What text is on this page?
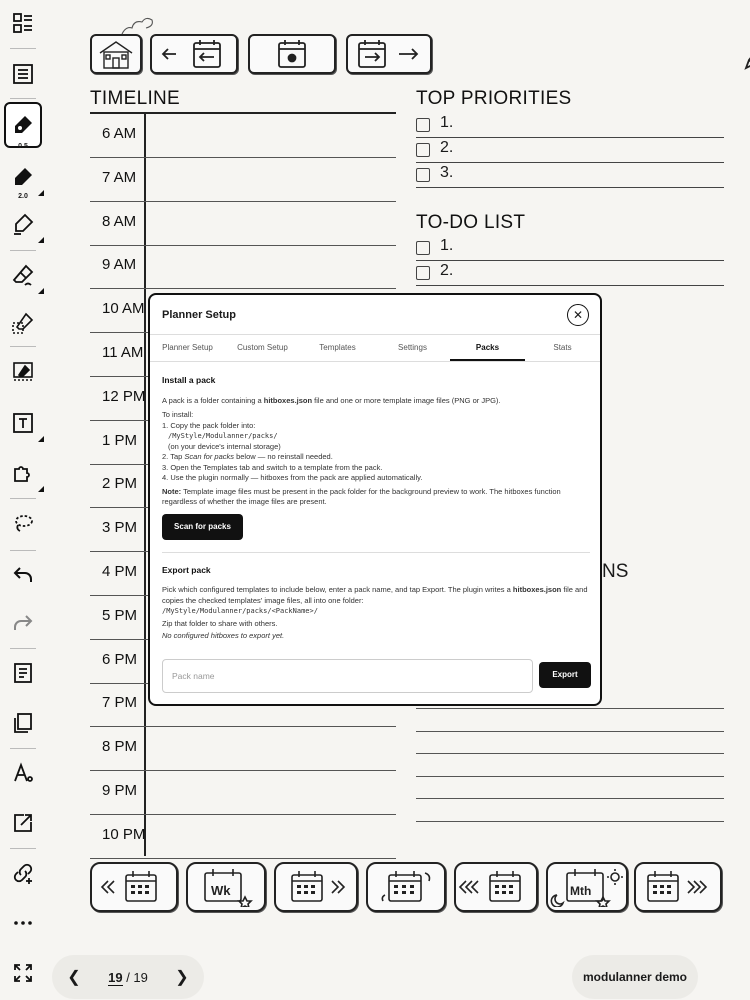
0.5
2.0
TIMELINE
6 AM
7 AM
8 AM
9 AM
10 AM
11 AM
12 PM
1 PM
2 PM
3 PM
4 PM
5 PM
6 PM
7 PM
8 PM
9 PM
10 PM
TOP PRIORITIES
1.
2.
3.
TO-DO LIST
1.
2.
NS
Wk	Mth
❮ 19 / 19 ❯	modulanner demo
Planner Setup	✕
Planner Setup	Custom Setup	Templates	Settings	Packs	Stats
Install a pack
A pack is a folder containing a hitboxes.json file and one or more template image files (PNG or JPG).
To install:
1. Copy the pack folder into:
/MyStyle/Modulanner/packs/
(on your device's internal storage)
2. Tap Scan for packs below — no reinstall needed.
3. Open the Templates tab and switch to a template from the pack.
4. Use the plugin normally — hitboxes from the pack are applied automatically.
Note: Template image files must be present in the pack folder for the background preview to work. The hitboxes function regardless of whether the image files are present.
Scan for packs
Export pack
Pick which configured templates to include below, enter a pack name, and tap Export. The plugin writes a hitboxes.json file and copies the checked templates' image files, all into one folder:
/MyStyle/Modulanner/packs/<PackName>/
Zip that folder to share with others.
No configured hitboxes to export yet.
Pack name	Export
